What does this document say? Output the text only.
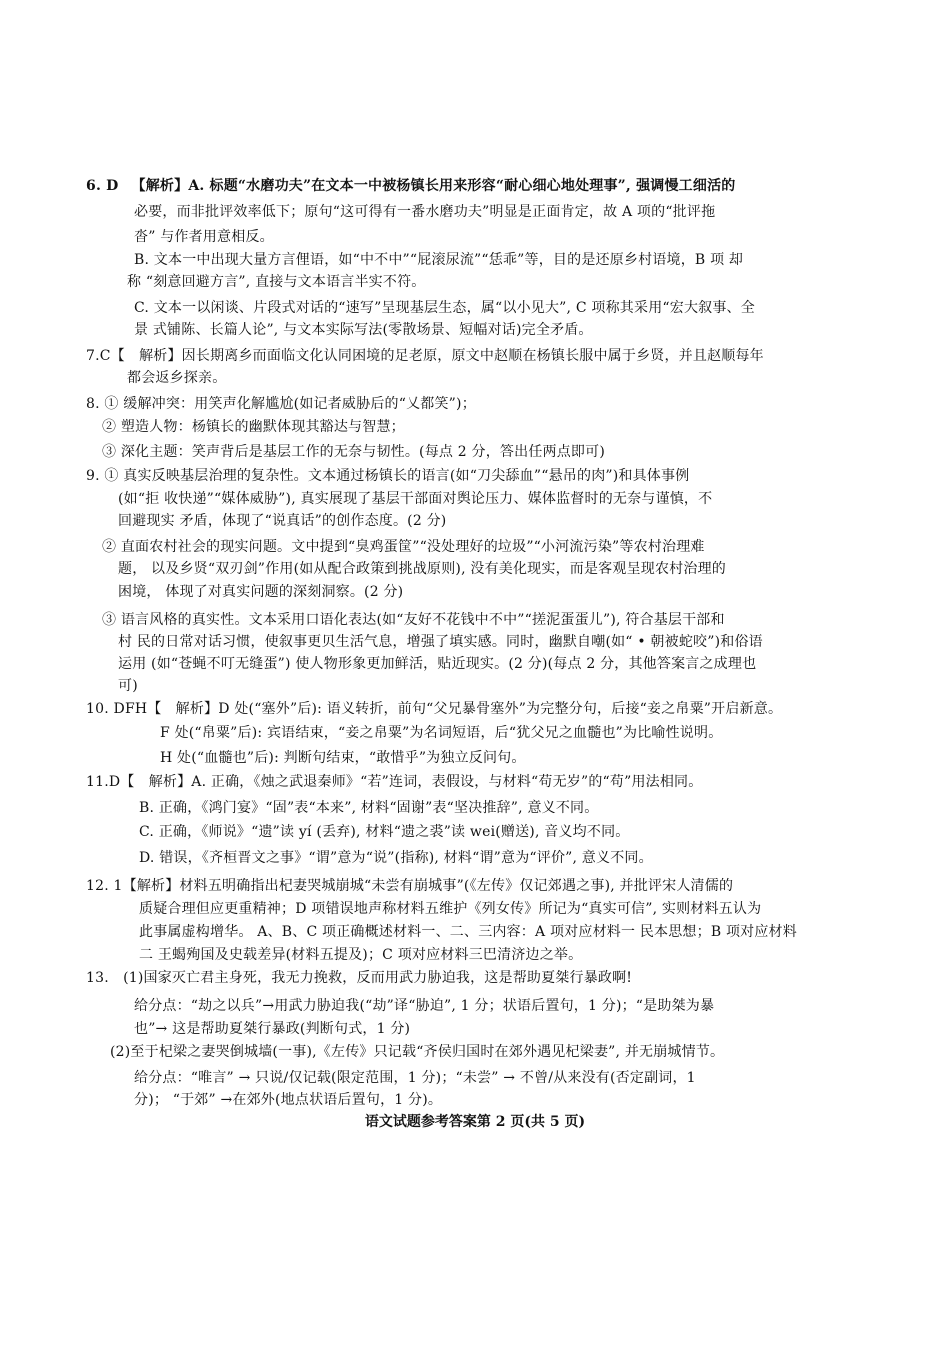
6. D 【解析】A. 标题“水磨功夫”在文本一中被杨镇长用来形容“耐心细心地处理事”, 强调慢工细活的
必要，而非批评效率低下；原句“这可得有一番水磨功夫”明显是正面肯定，故 A 项的“批评拖
沓” 与作者用意相反。
B. 文本一中出现大量方言俚语，如“中不中”“屁滚尿流”“恁乖”等，目的是还原乡村语境，B 项 却
称 “刻意回避方言”, 直接与文本语言半实不符。
C. 文本一以闲谈、片段式对话的“速写”呈现基层生态，属“以小见大”, C 项称其采用“宏大叙事、全
景 式铺陈、长篇人论”, 与文本实际写法(零散场景、短幅对话)完全矛盾。
7.C【　解析】因长期离乡而面临文化认同困境的足老原，原文中赵顺在杨镇长服中属于乡贤，并且赵顺每年
都会返乡探亲。
8. ① 缓解冲突：用笑声化解尴尬(如记者威胁后的“乂都笑”)；
② 塑造人物：杨镇长的幽默体现其豁达与智慧；
③ 深化主题：笑声背后是基层工作的无奈与韧性。(每点 2 分，答出任两点即可)
9. ① 真实反映基层治理的复杂性。文本通过杨镇长的语言(如“刀尖舔血”“悬吊的肉”)和具体事例
(如“拒 收快递”“媒体威胁”), 真实展现了基层干部面对舆论压力、媒体监督时的无奈与谨慎，不
回避现实 矛盾，体现了“说真话”的创作态度。(2 分)
② 直面农村社会的现实问题。文中提到“臭鸡蛋筐”“没处理好的垃圾”“小河流污染”等农村治理难
题， 以及乡贤“双刃剑”作用(如从配合政策到挑战原则), 没有美化现实，而是客观呈现农村治理的
困境， 体现了对真实问题的深刻洞察。(2 分)
③ 语言风格的真实性。文本采用口语化表达(如“友好不花钱中不中”“搓泥蛋蛋儿”), 符合基层干部和
村 民的日常对话习惯，使叙事更贝生活气息，增强了填实感。同时，幽默自嘲(如“ • 朝被蛇咬”)和俗语
运用 (如“苍蝇不叮无缝蛋”) 使人物形象更加鲜活，贴近现实。(2 分)(每点 2 分，其他答案言之成理也
可)
10. DFH【　解析】D 处(“塞外”后): 语义转折，前句“父兄暴骨塞外”为完整分句，后接“妾之帛粟”开启新意。
F 处(“帛粟”后): 宾语结束，“妾之帛粟”为名词短语，后“犹父兄之血髓也”为比喻性说明。
H 处(“血髓也”后): 判断句结束，“敢惜乎”为独立反问句。
11.D【　解析】A. 正确，《烛之武退秦师》“若”连词，表假设，与材料“苟无岁”的“苟”用法相同。
B. 正确，《鸿门宴》“固”表“本来”, 材料“固谢”表“坚决推辞”, 意义不同。
C. 正确，《师说》“遗”读 yí (丢弃), 材料“遗之裘”读 wei(赠送), 音义均不同。
D. 错误，《齐桓晋文之事》“谓”意为“说”(指称), 材料“谓”意为“评价”, 意义不同。
12. 1【解析】材料五明确指出杞妻哭城崩城“未尝有崩城事”(《左传》仅记郊遇之事), 并批评宋人清儒的
质疑合理但应更重精神；D 项错误地声称材料五维护《列女传》所记为“真实可信”, 实则材料五认为
此事属虚构增华。 A、B、C 项正确概述材料一、二、三内容：A 项对应材料一 民本思想；B 项对应材料
二 王蝎殉国及史载差异(材料五提及)；C 项对应材料三巴清济边之举。
13.　(1)国家灭亡君主身死，我无力挽救，反而用武力胁迫我，这是帮助夏桀行暴政啊!
给分点：“劫之以兵”→用武力胁迫我(“劫”译“胁迫”, 1 分；状语后置句，1 分)；“是助桀为暴
也”→ 这是帮助夏桀行暴政(判断句式，1 分)
(2)至于杞梁之妻哭倒城墙(一事),《左传》只记载“齐侯归国时在郊外遇见杞梁妻”, 并无崩城情节。
给分点：“唯言” → 只说/仅记载(限定范围，1 分)；“未尝” → 不曾/从来没有(否定副词，1
分)； “于郊” →在郊外(地点状语后置句，1 分)。
语文试题参考答案第 2 页(共 5 页)
